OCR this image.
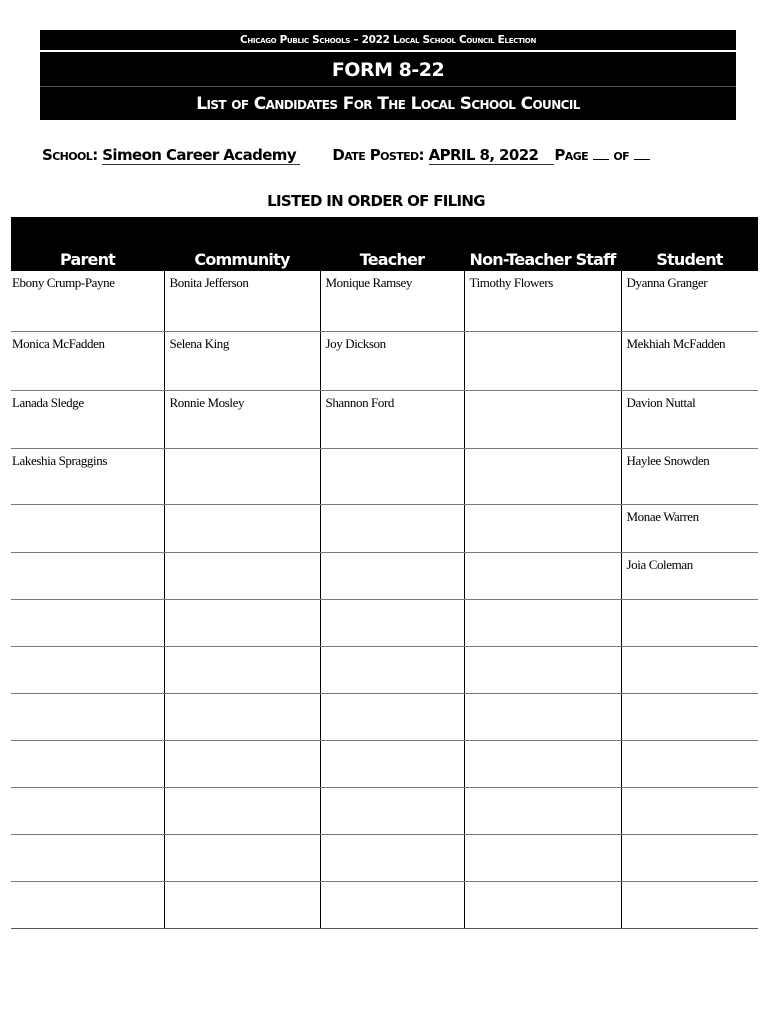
Chicago Public Schools – 2022 Local School Council Election
FORM 8-22
List of Candidates For The Local School Council
School: Simeon Career Academy Date Posted: APRIL 8, 2022 Page of
LISTED IN ORDER OF FILING
Parent	Community	Teacher	Non-Teacher Staff	Student

Ebony Crump-Payne	Bonita Jefferson	Monique Ramsey	Timothy Flowers	Dyanna Granger
Monica McFadden	Selena King	Joy Dickson		Mekhiah McFadden
Lanada Sledge	Ronnie Mosley	Shannon Ford		Davion Nuttal
Lakeshia Spraggins				Haylee Snowden
				Monae Warren
				Joia Coleman
